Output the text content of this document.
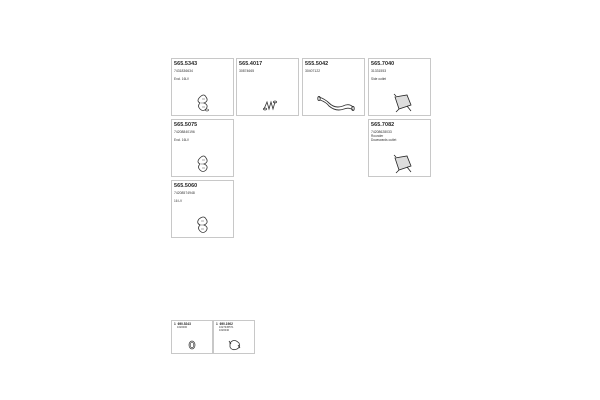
565.5343
7431836634
Excl. 16LV
565.4017
30874665
555.5042
30407122
565.7040
31331553
Side outlet
565.5075
74208840196
Excl. 16LV
565.7082
74208628033
Rounder
Downwards outlet
565.5060
74208574948
16 LV
1 690.5243
1620000
1 690.1962
1627345571
1620040
